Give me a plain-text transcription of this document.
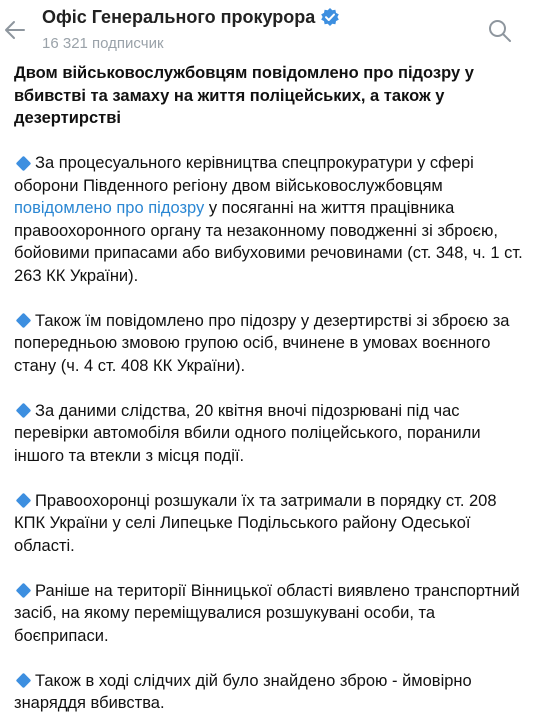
Офіс Генерального прокурора
16 321 подписчик
Двом військовослужбовцям повідомлено про підозру у вбивстві та замаху на життя поліцейських, а також у дезертирстві
За процесуального керівництва спецпрокуратури у сфері оборони Південного регіону двом військовослужбовцям повідомлено про підозру у посяганні на життя працівника правоохоронного органу та незаконному поводженні зі зброєю, бойовими припасами або вибуховими речовинами (ст. 348, ч. 1 ст. 263 КК України).
Також їм повідомлено про підозру у дезертирстві зі зброєю за попередньою змовою групою осіб, вчинене в умовах воєнного стану (ч. 4 ст. 408 КК України).
За даними слідства, 20 квітня вночі підозрювані під час перевірки автомобіля вбили одного поліцейського, поранили іншого та втекли з місця події.
Правоохоронці розшукали їх та затримали в порядку ст. 208 КПК України у селі Липецьке Подільського району Одеської області.
Раніше на території Вінницької області виявлено транспортний засіб, на якому переміщувалися розшукувані особи, та боєприпаси.
Також в ході слідчих дій було знайдено зброю - ймовірно знаряддя вбивства.
